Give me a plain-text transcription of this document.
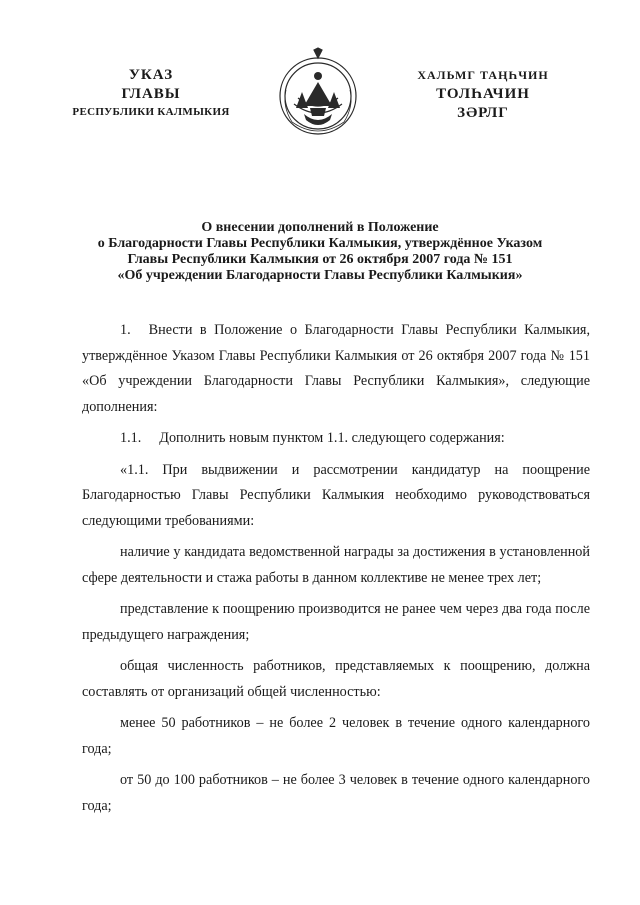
УКАЗ
ГЛАВЫ
РЕСПУБЛИКИ КАЛМЫКИЯ
ХАЛЬМГ ТАҢҺЧИН
ТОЛҺАЧИН
ЗӘРЛГ
О внесении дополнений в Положение
о Благодарности Главы Республики Калмыкия, утверждённое Указом
Главы Республики Калмыкия от 26 октября 2007 года № 151
«Об учреждении Благодарности Главы Республики Калмыкия»

1. Внести в Положение о Благодарности Главы Республики Калмыкия, утверждённое Указом Главы Республики Калмыкия от 26 октября 2007 года № 151 «Об учреждении Благодарности Главы Республики Калмыкия», следующие дополнения:

1.1. Дополнить новым пунктом 1.1. следующего содержания:

«1.1. При выдвижении и рассмотрении кандидатур на поощрение Благодарностью Главы Республики Калмыкия необходимо руководствоваться следующими требованиями:

наличие у кандидата ведомственной награды за достижения в установленной сфере деятельности и стажа работы в данном коллективе не менее трех лет;

представление к поощрению производится не ранее чем через два года после предыдущего награждения;

общая численность работников, представляемых к поощрению, должна составлять от организаций общей численностью:

менее 50 работников – не более 2 человек в течение одного календарного года;

от 50 до 100 работников – не более 3 человек в течение одного календарного года;
